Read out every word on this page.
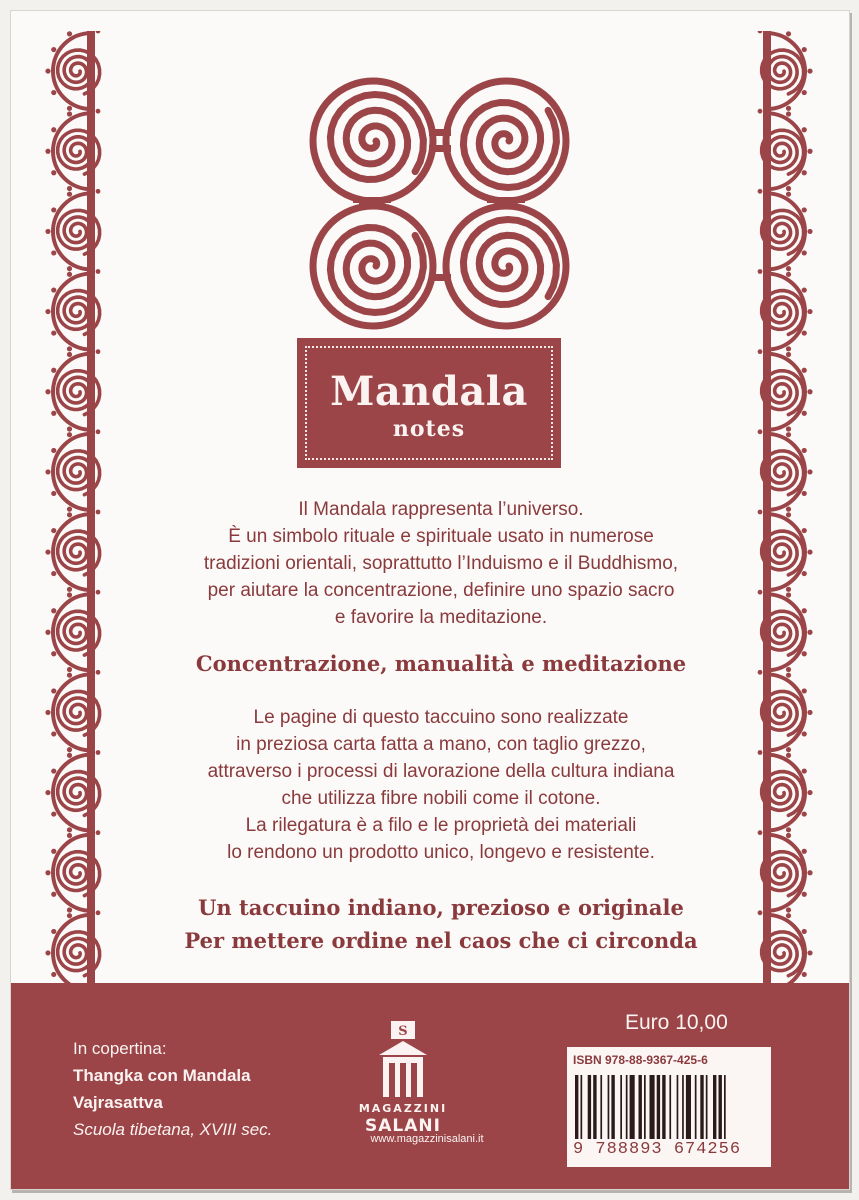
Mandala
notes
Il Mandala rappresenta l’universo.
È un simbolo rituale e spirituale usato in numerose
tradizioni orientali, soprattutto l’Induismo e il Buddhismo,
per aiutare la concentrazione, definire uno spazio sacro
e favorire la meditazione.
Concentrazione, manualità e meditazione
Le pagine di questo taccuino sono realizzate
in preziosa carta fatta a mano, con taglio grezzo,
attraverso i processi di lavorazione della cultura indiana
che utilizza fibre nobili come il cotone.
La rilegatura è a filo e le proprietà dei materiali
lo rendono un prodotto unico, longevo e resistente.
Un taccuino indiano, prezioso e originale
Per mettere ordine nel caos che ci circonda
In copertina:
Thangka con Mandala
Vajrasattva
Scuola tibetana, XVIII sec.
S
MAGAZZINI
SALANI
www.magazzinisalani.it
Euro 10,00
ISBN 978-88-9367-425-6
9 788893 674256
